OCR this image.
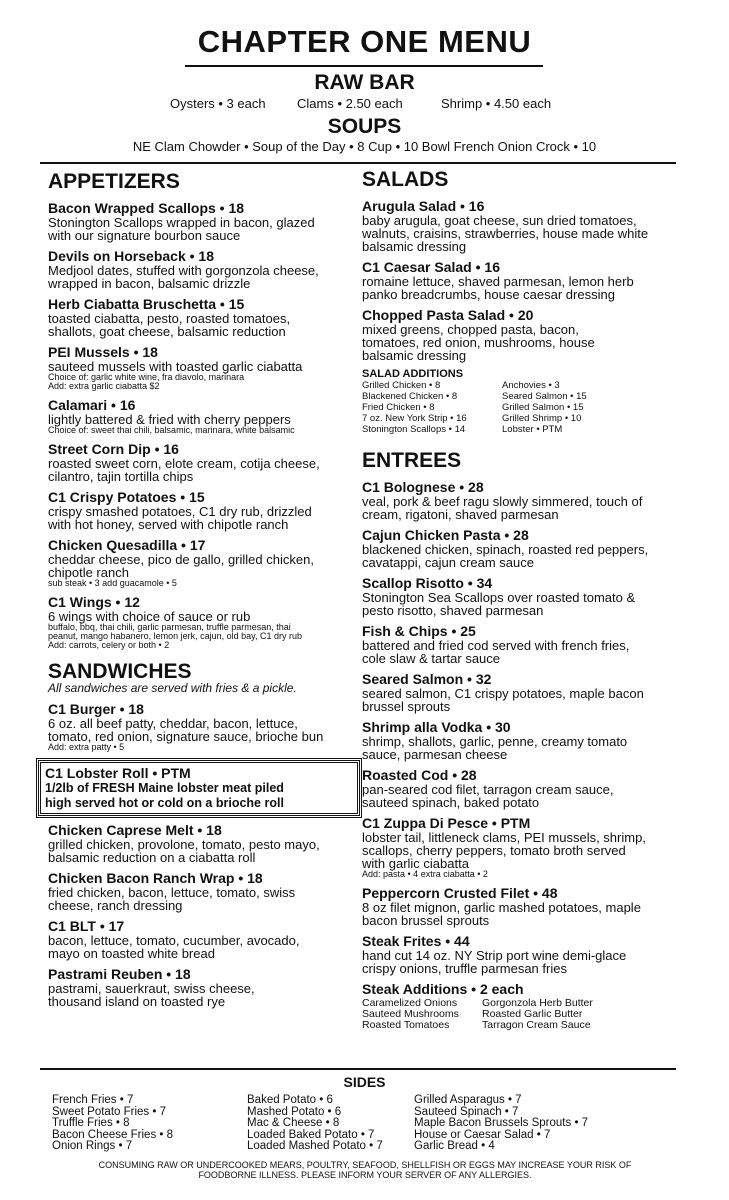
CHAPTER ONE MENU
RAW BAR
Oysters • 3 each Clams • 2.50 each	Shrimp • 4.50 each
SOUPS
NE Clam Chowder • Soup of the Day • 8 Cup • 10 Bowl French Onion Crock • 10
APPETIZERS
Bacon Wrapped Scallops • 18
Stonington Scallops wrapped in bacon, glazed
with our signature bourbon sauce
Devils on Horseback • 18
Medjool dates, stuffed with gorgonzola cheese,
wrapped in bacon, balsamic drizzle
Herb Ciabatta Bruschetta • 15
toasted ciabatta, pesto, roasted tomatoes,
shallots, goat cheese, balsamic reduction
PEI Mussels • 18
sauteed mussels with toasted garlic ciabatta
Choice of: garlic white wine, fra diavolo, marinara
Add: extra garlic ciabatta $2
Calamari • 16
lightly battered & fried with cherry peppers
Choice of: sweet thai chili, balsamic, marinara, white balsamic
Street Corn Dip • 16
roasted sweet corn, elote cream, cotija cheese,
cilantro, tajin tortilla chips
C1 Crispy Potatoes • 15
crispy smashed potatoes, C1 dry rub, drizzled
with hot honey, served with chipotle ranch
Chicken Quesadilla • 17
cheddar cheese, pico de gallo, grilled chicken,
chipotle ranch
sub steak • 3 add guacamole • 5
C1 Wings • 12
6 wings with choice of sauce or rub
buffalo, bbq, thai chili, garlic parmesan, truffle parmesan, thai
peanut, mango habanero, lemon jerk, cajun, old bay, C1 dry rub
Add: carrots, celery or both • 2
SANDWICHES
All sandwiches are served with fries & a pickle.
C1 Burger • 18
6 oz. all beef patty, cheddar, bacon, lettuce,
tomato, red onion, signature sauce, brioche bun
Add: extra patty • 5
C1 Lobster Roll • PTM
1/2lb of FRESH Maine lobster meat piled
high served hot or cold on a brioche roll
Chicken Caprese Melt • 18
grilled chicken, provolone, tomato, pesto mayo,
balsamic reduction on a ciabatta roll
Chicken Bacon Ranch Wrap • 18
fried chicken, bacon, lettuce, tomato, swiss
cheese, ranch dressing
C1 BLT • 17
bacon, lettuce, tomato, cucumber, avocado,
mayo on toasted white bread
Pastrami Reuben • 18
pastrami, sauerkraut, swiss cheese,
thousand island on toasted rye
SALADS
Arugula Salad • 16
baby arugula, goat cheese, sun dried tomatoes,
walnuts, craisins, strawberries, house made white
balsamic dressing
C1 Caesar Salad • 16
romaine lettuce, shaved parmesan, lemon herb
panko breadcrumbs, house caesar dressing
Chopped Pasta Salad • 20
mixed greens, chopped pasta, bacon,
tomatoes, red onion, mushrooms, house
balsamic dressing
SALAD ADDITIONS
Grilled Chicken • 8
Blackened Chicken • 8
Fried Chicken • 8
7 oz. New York Strip • 16
Stonington Scallops • 14
Anchovies • 3
Seared Salmon • 15
Grilled Salmon • 15
Grilled Shrimp • 10
Lobster • PTM
ENTREES
C1 Bolognese • 28
veal, pork & beef ragu slowly simmered, touch of
cream, rigatoni, shaved parmesan
Cajun Chicken Pasta • 28
blackened chicken, spinach, roasted red peppers,
cavatappi, cajun cream sauce
Scallop Risotto • 34
Stonington Sea Scallops over roasted tomato &
pesto risotto, shaved parmesan
Fish & Chips • 25
battered and fried cod served with french fries,
cole slaw & tartar sauce
Seared Salmon • 32
seared salmon, C1 crispy potatoes, maple bacon
brussel sprouts
Shrimp alla Vodka • 30
shrimp, shallots, garlic, penne, creamy tomato
sauce, parmesan cheese
Roasted Cod • 28
pan-seared cod filet, tarragon cream sauce,
sauteed spinach, baked potato
C1 Zuppa Di Pesce • PTM
lobster tail, littleneck clams, PEI mussels, shrimp,
scallops, cherry peppers, tomato broth served
with garlic ciabatta
Add: pasta • 4 extra ciabatta • 2
Peppercorn Crusted Filet • 48
8 oz filet mignon, garlic mashed potatoes, maple
bacon brussel sprouts
Steak Frites • 44
hand cut 14 oz. NY Strip port wine demi-glace
crispy onions, truffle parmesan fries
Steak Additions • 2 each
Caramelized Onions
Sauteed Mushrooms
Roasted Tomatoes
Gorgonzola Herb Butter
Roasted Garlic Butter
Tarragon Cream Sauce
SIDES
French Fries • 7
Sweet Potato Fries • 7
Truffle Fries • 8
Bacon Cheese Fries • 8
Onion Rings • 7
Baked Potato • 6
Mashed Potato • 6
Mac & Cheese • 8
Loaded Baked Potato • 7
Loaded Mashed Potato • 7
Grilled Asparagus • 7
Sauteed Spinach • 7
Maple Bacon Brussels Sprouts • 7
House or Caesar Salad • 7
Garlic Bread • 4
CONSUMING RAW OR UNDERCOOKED MEARS, POULTRY, SEAFOOD, SHELLFISH OR EGGS MAY INCREASE YOUR RISK OF
FOODBORNE ILLNESS. PLEASE INFORM YOUR SERVER OF ANY ALLERGIES.
